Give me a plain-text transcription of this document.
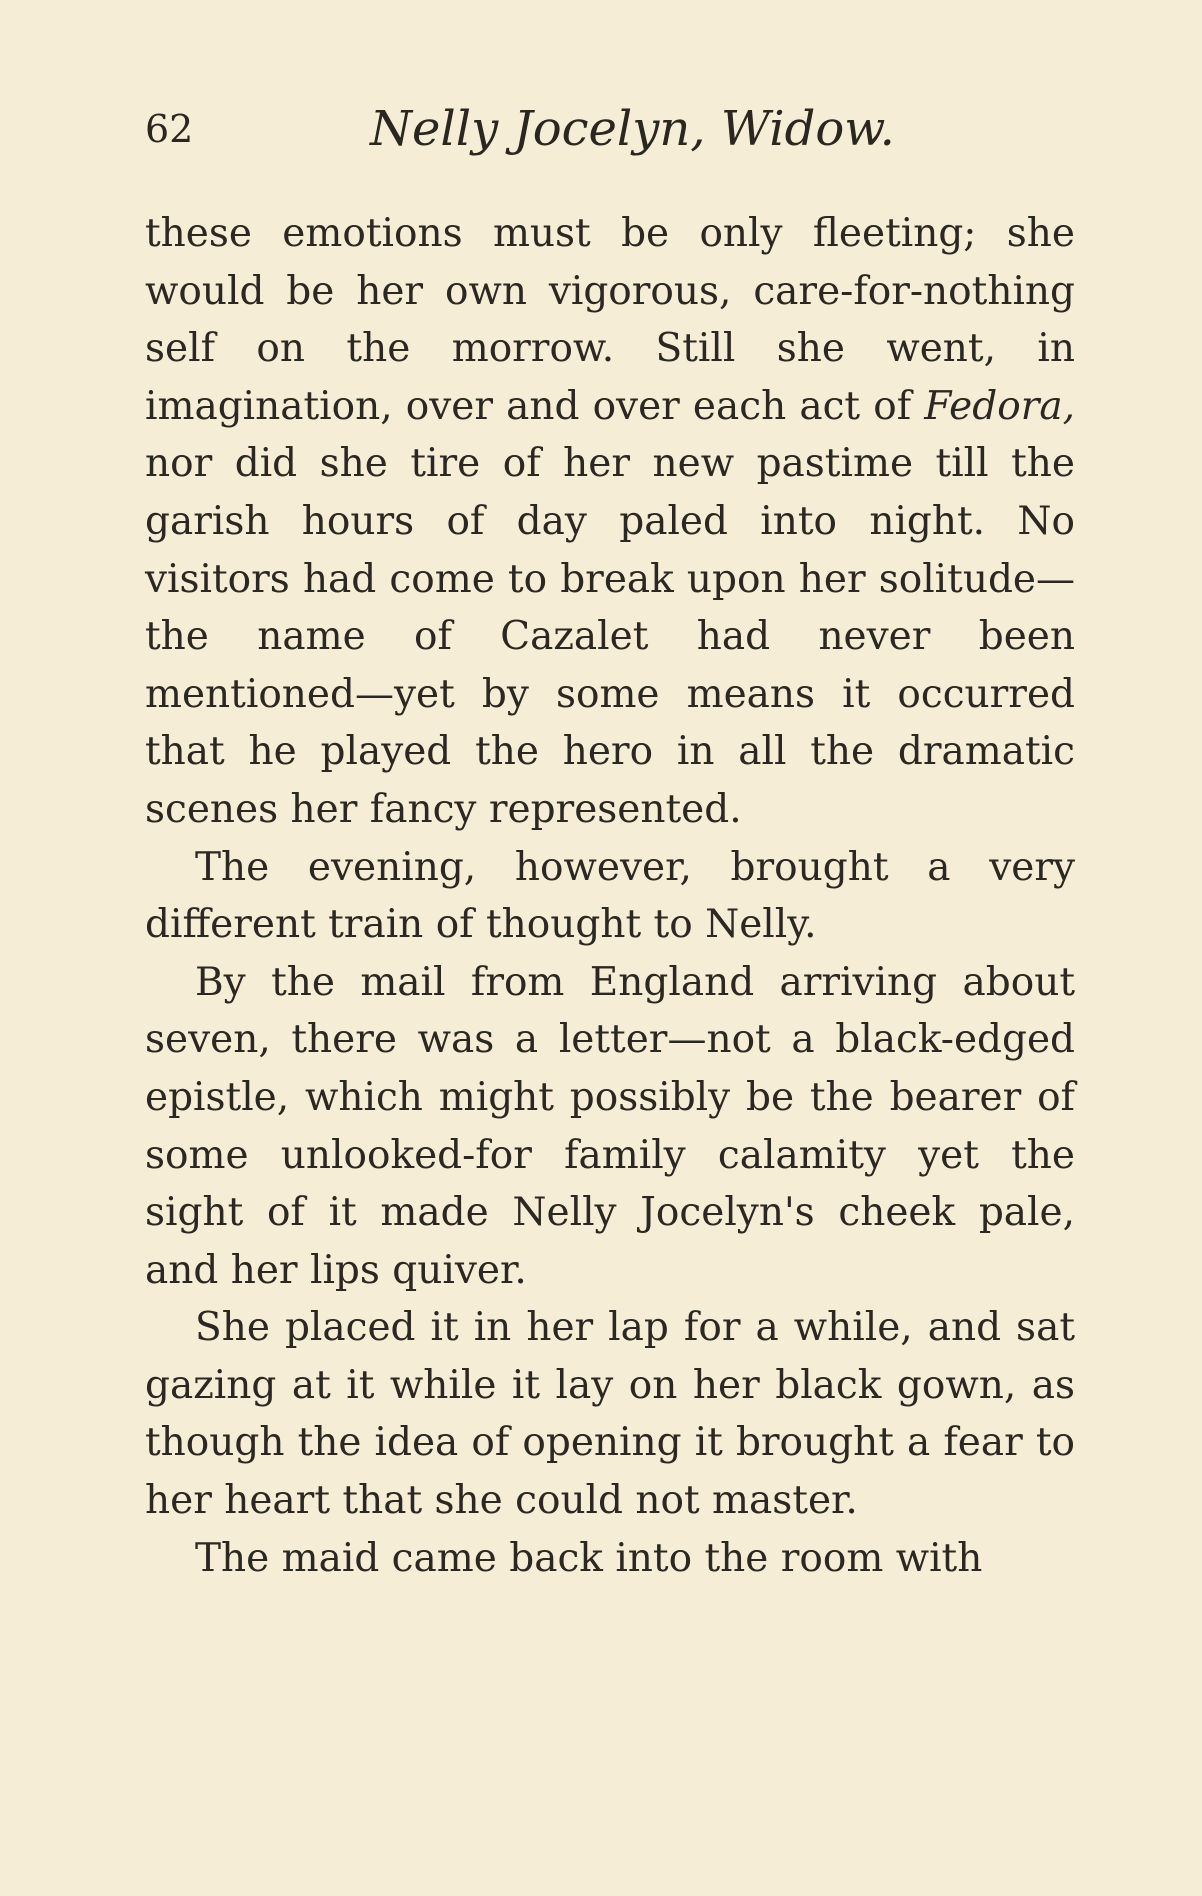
62	Nelly Jocelyn, Widow.

these emotions must be only fleeting; she would be her own vigorous, care-for-nothing self on the morrow. Still she went, in imagination, over and over each act of Fedora, nor did she tire of her new pastime till the garish hours of day paled into night. No visitors had come to break upon her solitude—the name of Cazalet had never been mentioned—yet by some means it occurred that he played the hero in all the dramatic scenes her fancy represented.

The evening, however, brought a very different train of thought to Nelly.

By the mail from England arriving about seven, there was a letter—not a black-edged epistle, which might possibly be the bearer of some unlooked-for family calamity yet the sight of it made Nelly Jocelyn's cheek pale, and her lips quiver.

She placed it in her lap for a while, and sat gazing at it while it lay on her black gown, as though the idea of opening it brought a fear to her heart that she could not master.

The maid came back into the room with
